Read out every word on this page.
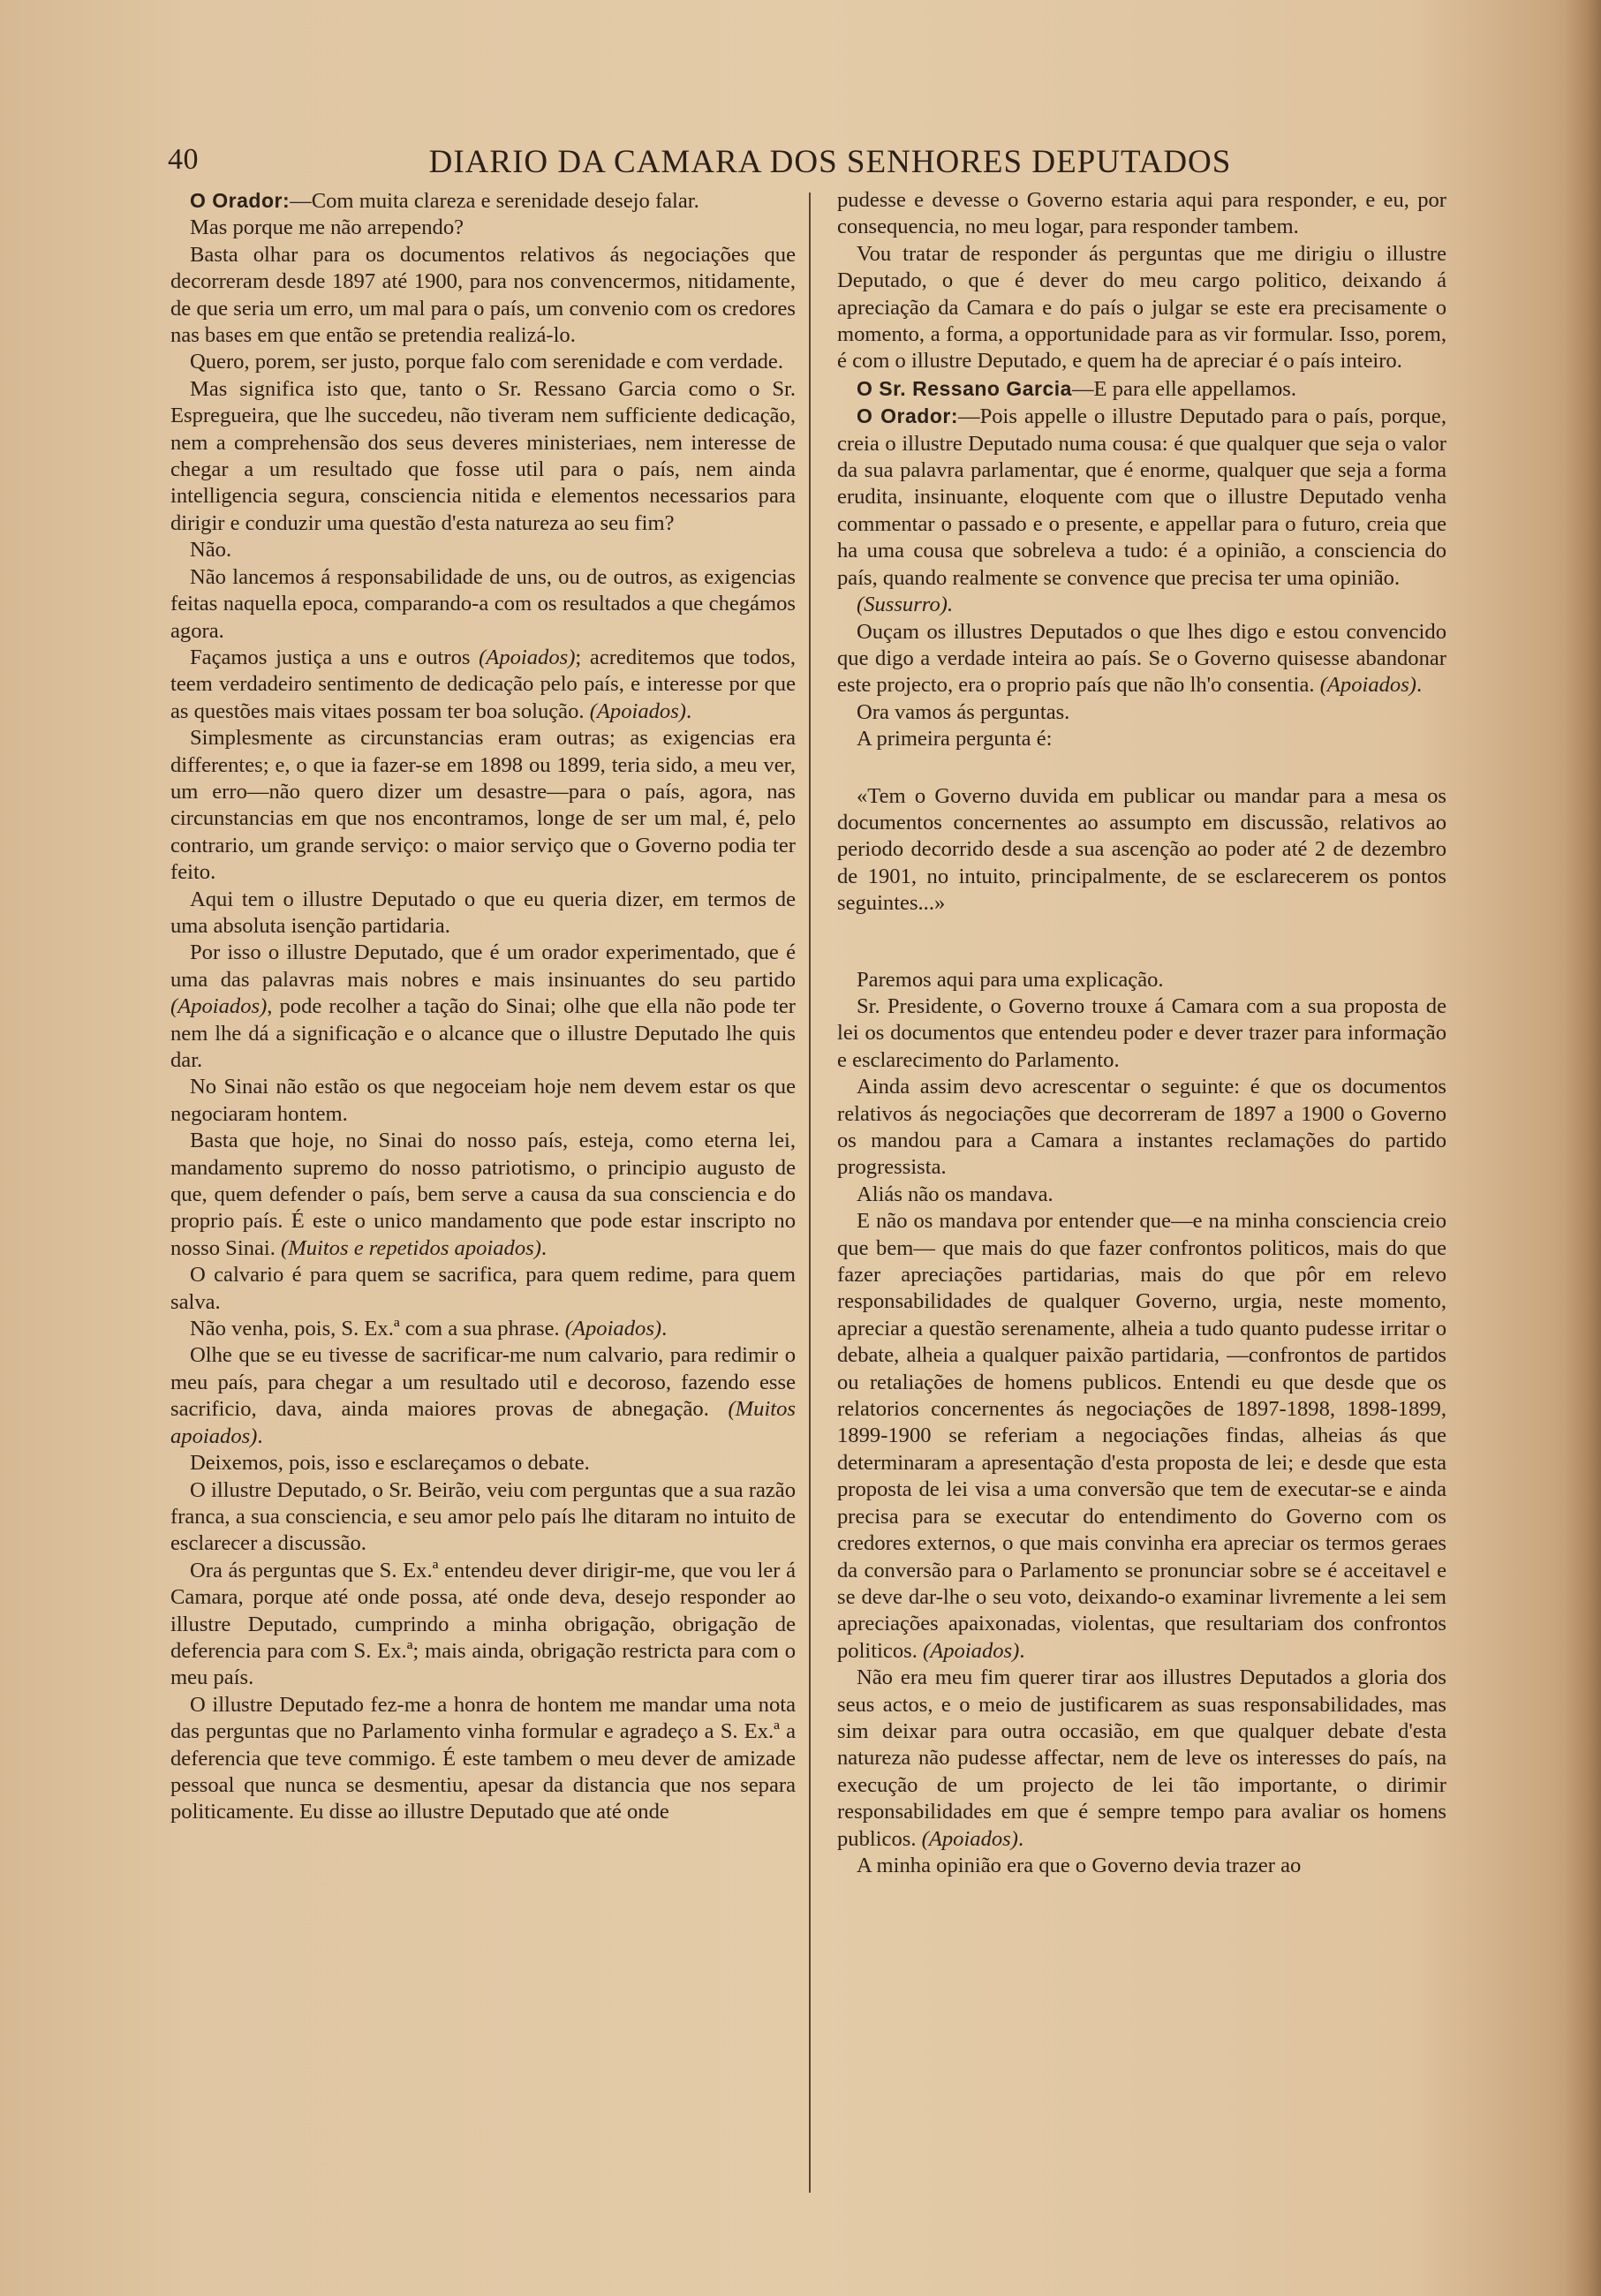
40	DIARIO DA CAMARA DOS SENHORES DEPUTADOS

O Orador:—Com muita clareza e serenidade desejo falar.

Mas porque me não arrependo?

Basta olhar para os documentos relativos ás negociações que decorreram desde 1897 até 1900, para nos convencermos, nitidamente, de que seria um erro, um mal para o país, um convenio com os credores nas bases em que então se pretendia realizá-lo.

Quero, porem, ser justo, porque falo com serenidade e com verdade.

Mas significa isto que, tanto o Sr. Ressano Garcia como o Sr. Espregueira, que lhe succedeu, não tiveram nem sufficiente dedicação, nem a comprehensão dos seus deveres ministeriaes, nem interesse de chegar a um resultado que fosse util para o país, nem ainda intelligencia segura, consciencia nitida e elementos necessarios para dirigir e conduzir uma questão d'esta natureza ao seu fim?

Não.

Não lancemos á responsabilidade de uns, ou de outros, as exigencias feitas naquella epoca, comparando-a com os resultados a que chegámos agora.

Façamos justiça a uns e outros (Apoiados); acreditemos que todos, teem verdadeiro sentimento de dedicação pelo país, e interesse por que as questões mais vitaes possam ter boa solução. (Apoiados).

Simplesmente as circunstancias eram outras; as exigencias era differentes; e, o que ia fazer-se em 1898 ou 1899, teria sido, a meu ver, um erro—não quero dizer um desastre—para o país, agora, nas circunstancias em que nos encontramos, longe de ser um mal, é, pelo contrario, um grande serviço: o maior serviço que o Governo podia ter feito.

Aqui tem o illustre Deputado o que eu queria dizer, em termos de uma absoluta isenção partidaria.

Por isso o illustre Deputado, que é um orador experimentado, que é uma das palavras mais nobres e mais insinuantes do seu partido (Apoiados), pode recolher a tação do Sinai; olhe que ella não pode ter nem lhe dá a significação e o alcance que o illustre Deputado lhe quis dar.

No Sinai não estão os que negoceiam hoje nem devem estar os que negociaram hontem.

Basta que hoje, no Sinai do nosso país, esteja, como eterna lei, mandamento supremo do nosso patriotismo, o principio augusto de que, quem defender o país, bem serve a causa da sua consciencia e do proprio país. É este o unico mandamento que pode estar inscripto no nosso Sinai. (Muitos e repetidos apoiados).

O calvario é para quem se sacrifica, para quem redime, para quem salva.

Não venha, pois, S. Ex.ª com a sua phrase. (Apoiados).

Olhe que se eu tivesse de sacrificar-me num calvario, para redimir o meu país, para chegar a um resultado util e decoroso, fazendo esse sacrificio, dava, ainda maiores provas de abnegação. (Muitos apoiados).

Deixemos, pois, isso e esclareçamos o debate.

O illustre Deputado, o Sr. Beirão, veiu com perguntas que a sua razão franca, a sua consciencia, e seu amor pelo país lhe ditaram no intuito de esclarecer a discussão.

Ora ás perguntas que S. Ex.ª entendeu dever dirigir-me, que vou ler á Camara, porque até onde possa, até onde deva, desejo responder ao illustre Deputado, cumprindo a minha obrigação, obrigação de deferencia para com S. Ex.ª; mais ainda, obrigação restricta para com o meu país.

O illustre Deputado fez-me a honra de hontem me mandar uma nota das perguntas que no Parlamento vinha formular e agradeço a S. Ex.ª a deferencia que teve commigo. É este tambem o meu dever de amizade pessoal que nunca se desmentiu, apesar da distancia que nos separa politicamente. Eu disse ao illustre Deputado que até onde

pudesse e devesse o Governo estaria aqui para responder, e eu, por consequencia, no meu logar, para responder tambem.

Vou tratar de responder ás perguntas que me dirigiu o illustre Deputado, o que é dever do meu cargo politico, deixando á apreciação da Camara e do país o julgar se este era precisamente o momento, a forma, a opportunidade para as vir formular. Isso, porem, é com o illustre Deputado, e quem ha de apreciar é o país inteiro.

O Sr. Ressano Garcia—E para elle appellamos.

O Orador:—Pois appelle o illustre Deputado para o país, porque, creia o illustre Deputado numa cousa: é que qualquer que seja o valor da sua palavra parlamentar, que é enorme, qualquer que seja a forma erudita, insinuante, eloquente com que o illustre Deputado venha commentar o passado e o presente, e appellar para o futuro, creia que ha uma cousa que sobreleva a tudo: é a opinião, a consciencia do país, quando realmente se convence que precisa ter uma opinião.

(Sussurro).

Ouçam os illustres Deputados o que lhes digo e estou convencido que digo a verdade inteira ao país. Se o Governo quisesse abandonar este projecto, era o proprio país que não lh'o consentia. (Apoiados).

Ora vamos ás perguntas.

A primeira pergunta é:

«Tem o Governo duvida em publicar ou mandar para a mesa os documentos concernentes ao assumpto em discussão, relativos ao periodo decorrido desde a sua ascenção ao poder até 2 de dezembro de 1901, no intuito, principalmente, de se esclarecerem os pontos seguintes...»

Paremos aqui para uma explicação.

Sr. Presidente, o Governo trouxe á Camara com a sua proposta de lei os documentos que entendeu poder e dever trazer para informação e esclarecimento do Parlamento.

Ainda assim devo acrescentar o seguinte: é que os documentos relativos ás negociações que decorreram de 1897 a 1900 o Governo os mandou para a Camara a instantes reclamações do partido progressista.

Aliás não os mandava.

E não os mandava por entender que—e na minha consciencia creio que bem— que mais do que fazer confrontos politicos, mais do que fazer apreciações partidarias, mais do que pôr em relevo responsabilidades de qualquer Governo, urgia, neste momento, apreciar a questão serenamente, alheia a tudo quanto pudesse irritar o debate, alheia a qualquer paixão partidaria, —confrontos de partidos ou retaliações de homens publicos. Entendi eu que desde que os relatorios concernentes ás negociações de 1897-1898, 1898-1899, 1899-1900 se referiam a negociações findas, alheias ás que determinaram a apresentação d'esta proposta de lei; e desde que esta proposta de lei visa a uma conversão que tem de executar-se e ainda precisa para se executar do entendimento do Governo com os credores externos, o que mais convinha era apreciar os termos geraes da conversão para o Parlamento se pronunciar sobre se é acceitavel e se deve dar-lhe o seu voto, deixando-o examinar livremente a lei sem apreciações apaixonadas, violentas, que resultariam dos confrontos politicos. (Apoiados).

Não era meu fim querer tirar aos illustres Deputados a gloria dos seus actos, e o meio de justificarem as suas responsabilidades, mas sim deixar para outra occasião, em que qualquer debate d'esta natureza não pudesse affectar, nem de leve os interesses do país, na execução de um projecto de lei tão importante, o dirimir responsabilidades em que é sempre tempo para avaliar os homens publicos. (Apoiados).

A minha opinião era que o Governo devia trazer ao
